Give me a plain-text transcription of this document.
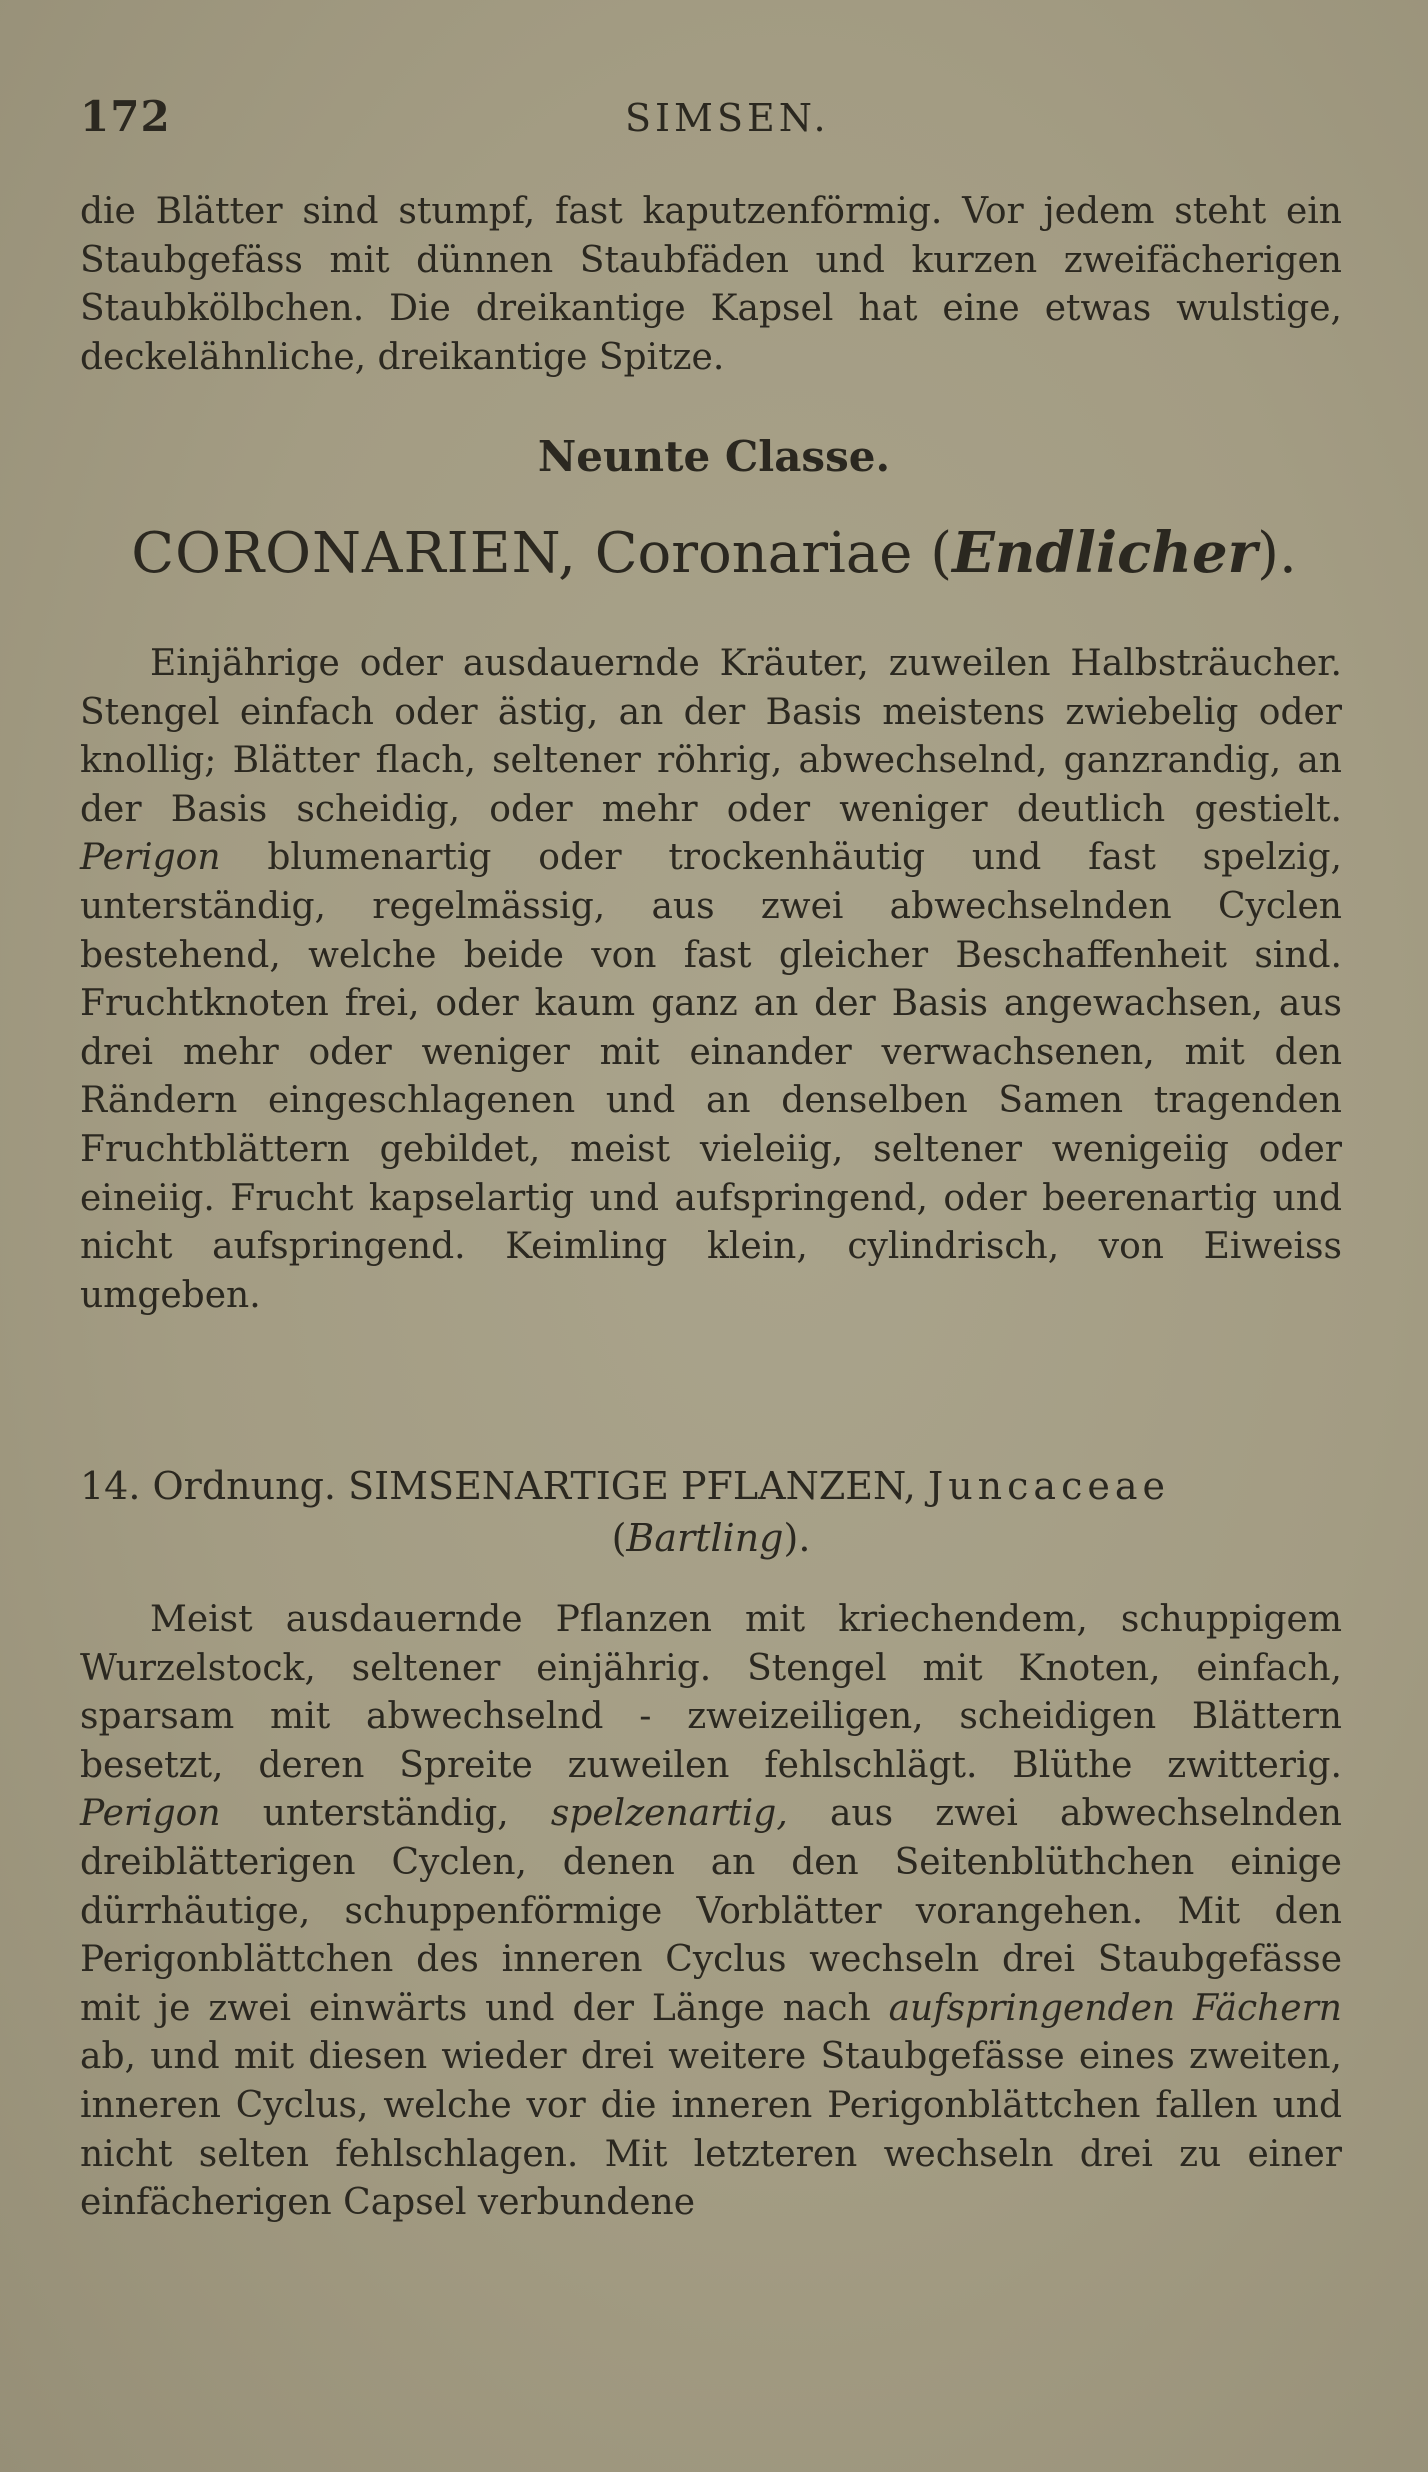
172	SIMSEN.

die Blätter sind stumpf, fast kaputzenförmig. Vor jedem steht ein Staubgefäss mit dünnen Staubfäden und kurzen zweifächerigen Staubkölbchen. Die dreikantige Kapsel hat eine etwas wulstige, deckelähnliche, dreikantige Spitze.

Neunte Classe.
CORONARIEN, Coronariae (Endlicher).

Einjährige oder ausdauernde Kräuter, zuweilen Halbsträucher. Stengel einfach oder ästig, an der Basis meistens zwiebelig oder knollig; Blätter flach, seltener röhrig, abwechselnd, ganzrandig, an der Basis scheidig, oder mehr oder weniger deutlich gestielt. Perigon blumenartig oder trockenhäutig und fast spelzig, unterständig, regelmässig, aus zwei abwechselnden Cyclen bestehend, welche beide von fast gleicher Beschaffenheit sind. Fruchtknoten frei, oder kaum ganz an der Basis angewachsen, aus drei mehr oder weniger mit einander verwachsenen, mit den Rändern eingeschlagenen und an denselben Samen tragenden Fruchtblättern gebildet, meist vieleiig, seltener wenigeiig oder eineiig. Frucht kapselartig und aufspringend, oder beerenartig und nicht aufspringend. Keimling klein, cylindrisch, von Eiweiss umgeben.

14. Ordnung. SIMSENARTIGE PFLANZEN, Juncaceae
(Bartling).

Meist ausdauernde Pflanzen mit kriechendem, schuppigem Wurzelstock, seltener einjährig. Stengel mit Knoten, einfach, sparsam mit abwechselnd - zweizeiligen, scheidigen Blättern besetzt, deren Spreite zuweilen fehlschlägt. Blüthe zwitterig. Perigon unterständig, spelzenartig, aus zwei abwechselnden dreiblätterigen Cyclen, denen an den Seitenblüthchen einige dürrhäutige, schuppenförmige Vorblätter vorangehen. Mit den Perigonblättchen des inneren Cyclus wechseln drei Staubgefässe mit je zwei einwärts und der Länge nach aufspringenden Fächern ab, und mit diesen wieder drei weitere Staubgefässe eines zweiten, inneren Cyclus, welche vor die inneren Perigonblättchen fallen und nicht selten fehlschlagen. Mit letzteren wechseln drei zu einer einfächerigen Capsel verbundene
